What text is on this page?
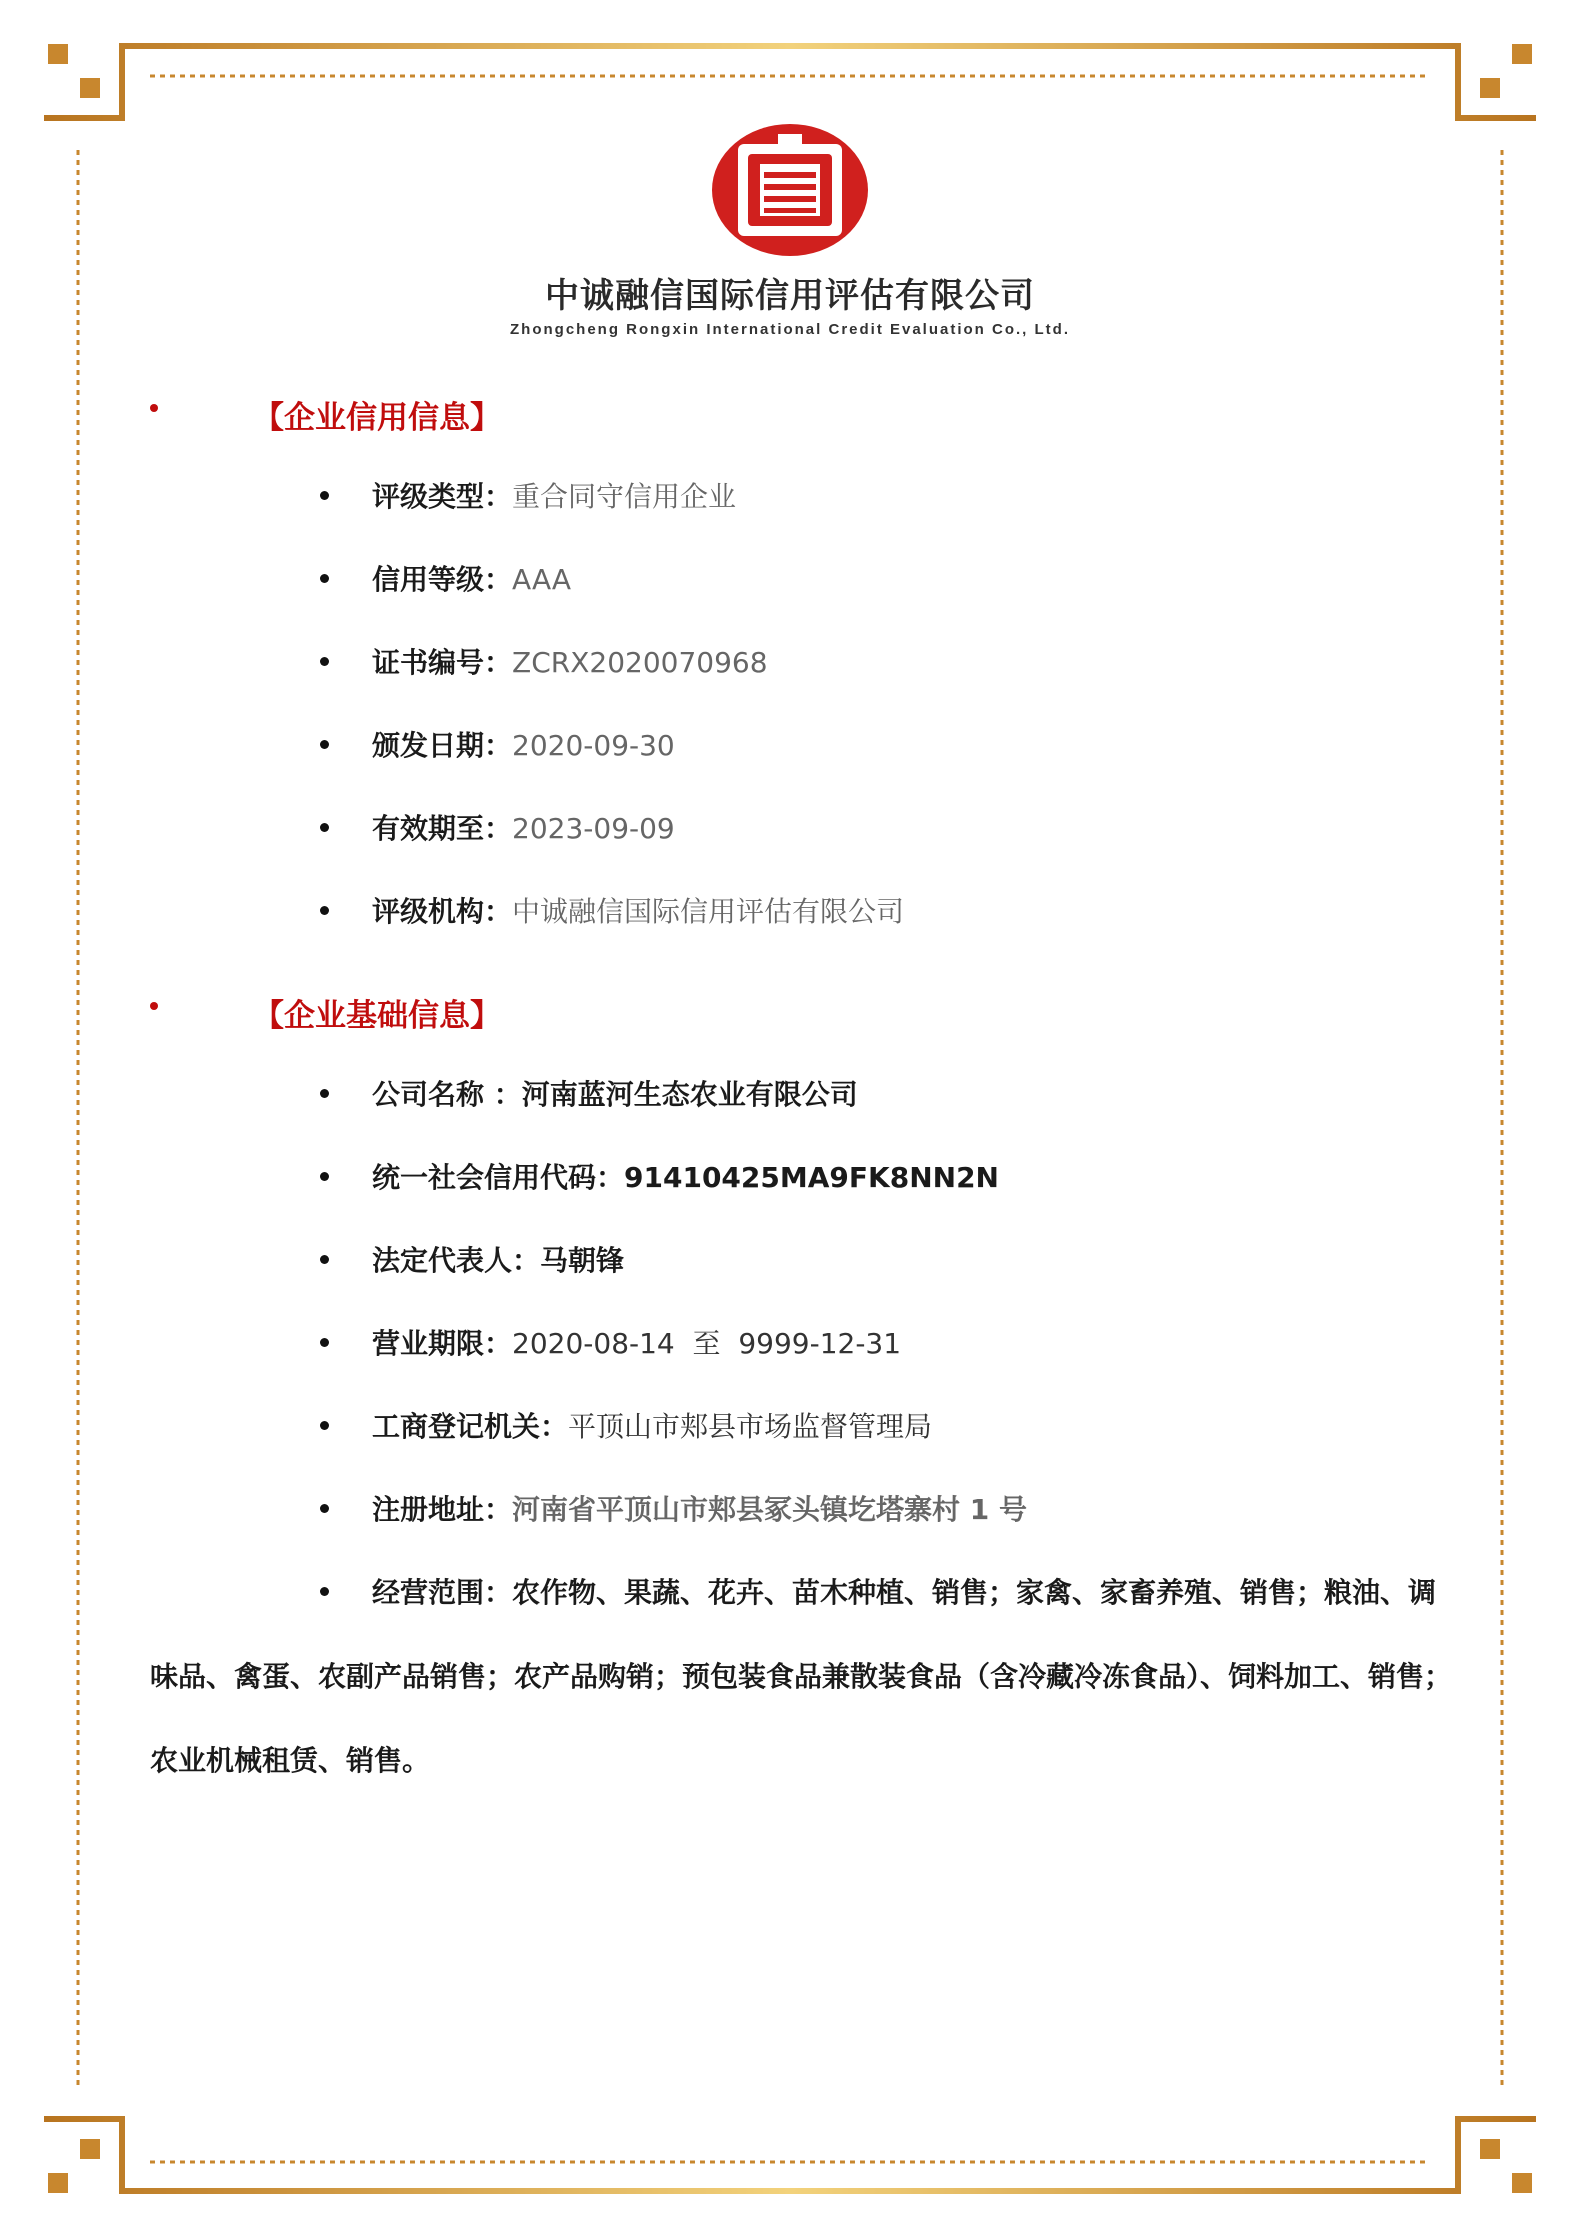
中诚融信国际信用评估有限公司
Zhongcheng Rongxin International Credit Evaluation Co., Ltd.
【企业信用信息】
评级类型：重合同守信用企业
信用等级：AAA
证书编号：ZCRX2020070968
颁发日期：2020-09-30
有效期至：2023-09-09
评级机构：中诚融信国际信用评估有限公司
【企业基础信息】
公司名称 ：河南蓝河生态农业有限公司
统一社会信用代码：91410425MA9FK8NN2N
法定代表人：马朝锋
营业期限：2020-08-14  至  9999-12-31
工商登记机关：平顶山市郏县市场监督管理局
注册地址：河南省平顶山市郏县冢头镇圪塔寨村 1 号
经营范围：农作物、果蔬、花卉、苗木种植、销售；家禽、家畜养殖、销售；粮油、调味品、禽蛋、农副产品销售；农产品购销；预包装食品兼散装食品（含冷藏冷冻食品）、饲料加工、销售；农业机械租赁、销售。
